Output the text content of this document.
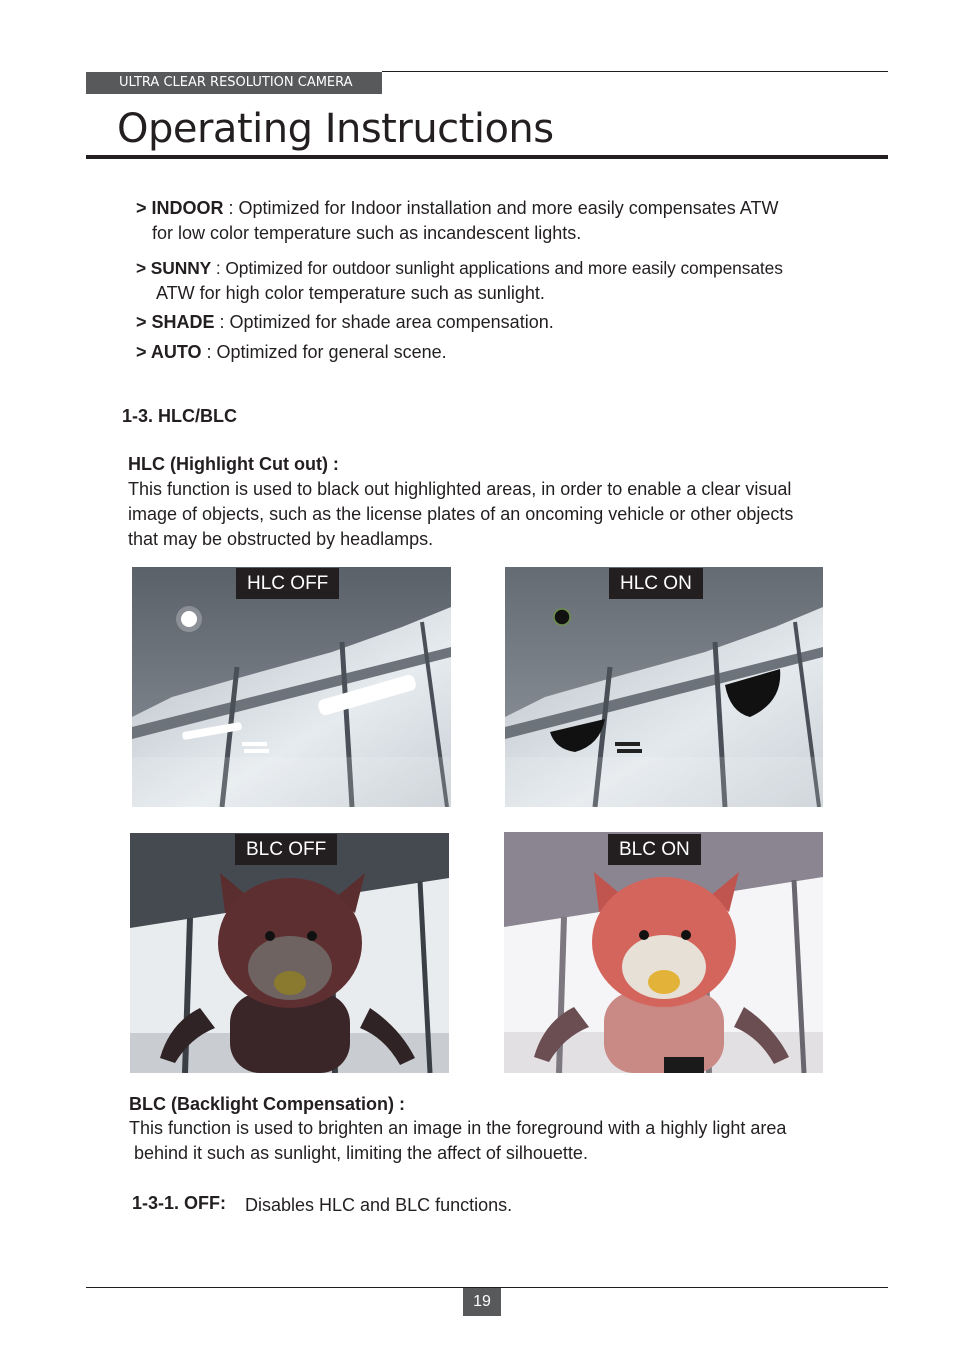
ULTRA CLEAR RESOLUTION CAMERA
Operating Instructions
> INDOOR : Optimized for Indoor installation and more easily compensates ATW
for low color temperature such as incandescent lights.
> SUNNY : Optimized for outdoor sunlight applications and more easily compensates
ATW for high color temperature such as sunlight.
> SHADE : Optimized for shade area compensation.
> AUTO : Optimized for general scene.
1-3. HLC/BLC
HLC (Highlight Cut out) :
This function is used to black out highlighted areas, in order to enable a clear visual
image of objects, such as the license plates of an oncoming vehicle or other objects
that may be obstructed by headlamps.
HLC OFF	HLC ON
BLC OFF	BLC ON
BLC (Backlight Compensation) :
This function is used to brighten an image in the foreground with a highly light area
behind it such as sunlight, limiting the affect of silhouette.
1-3-1. OFF: Disables HLC and BLC functions.
19
